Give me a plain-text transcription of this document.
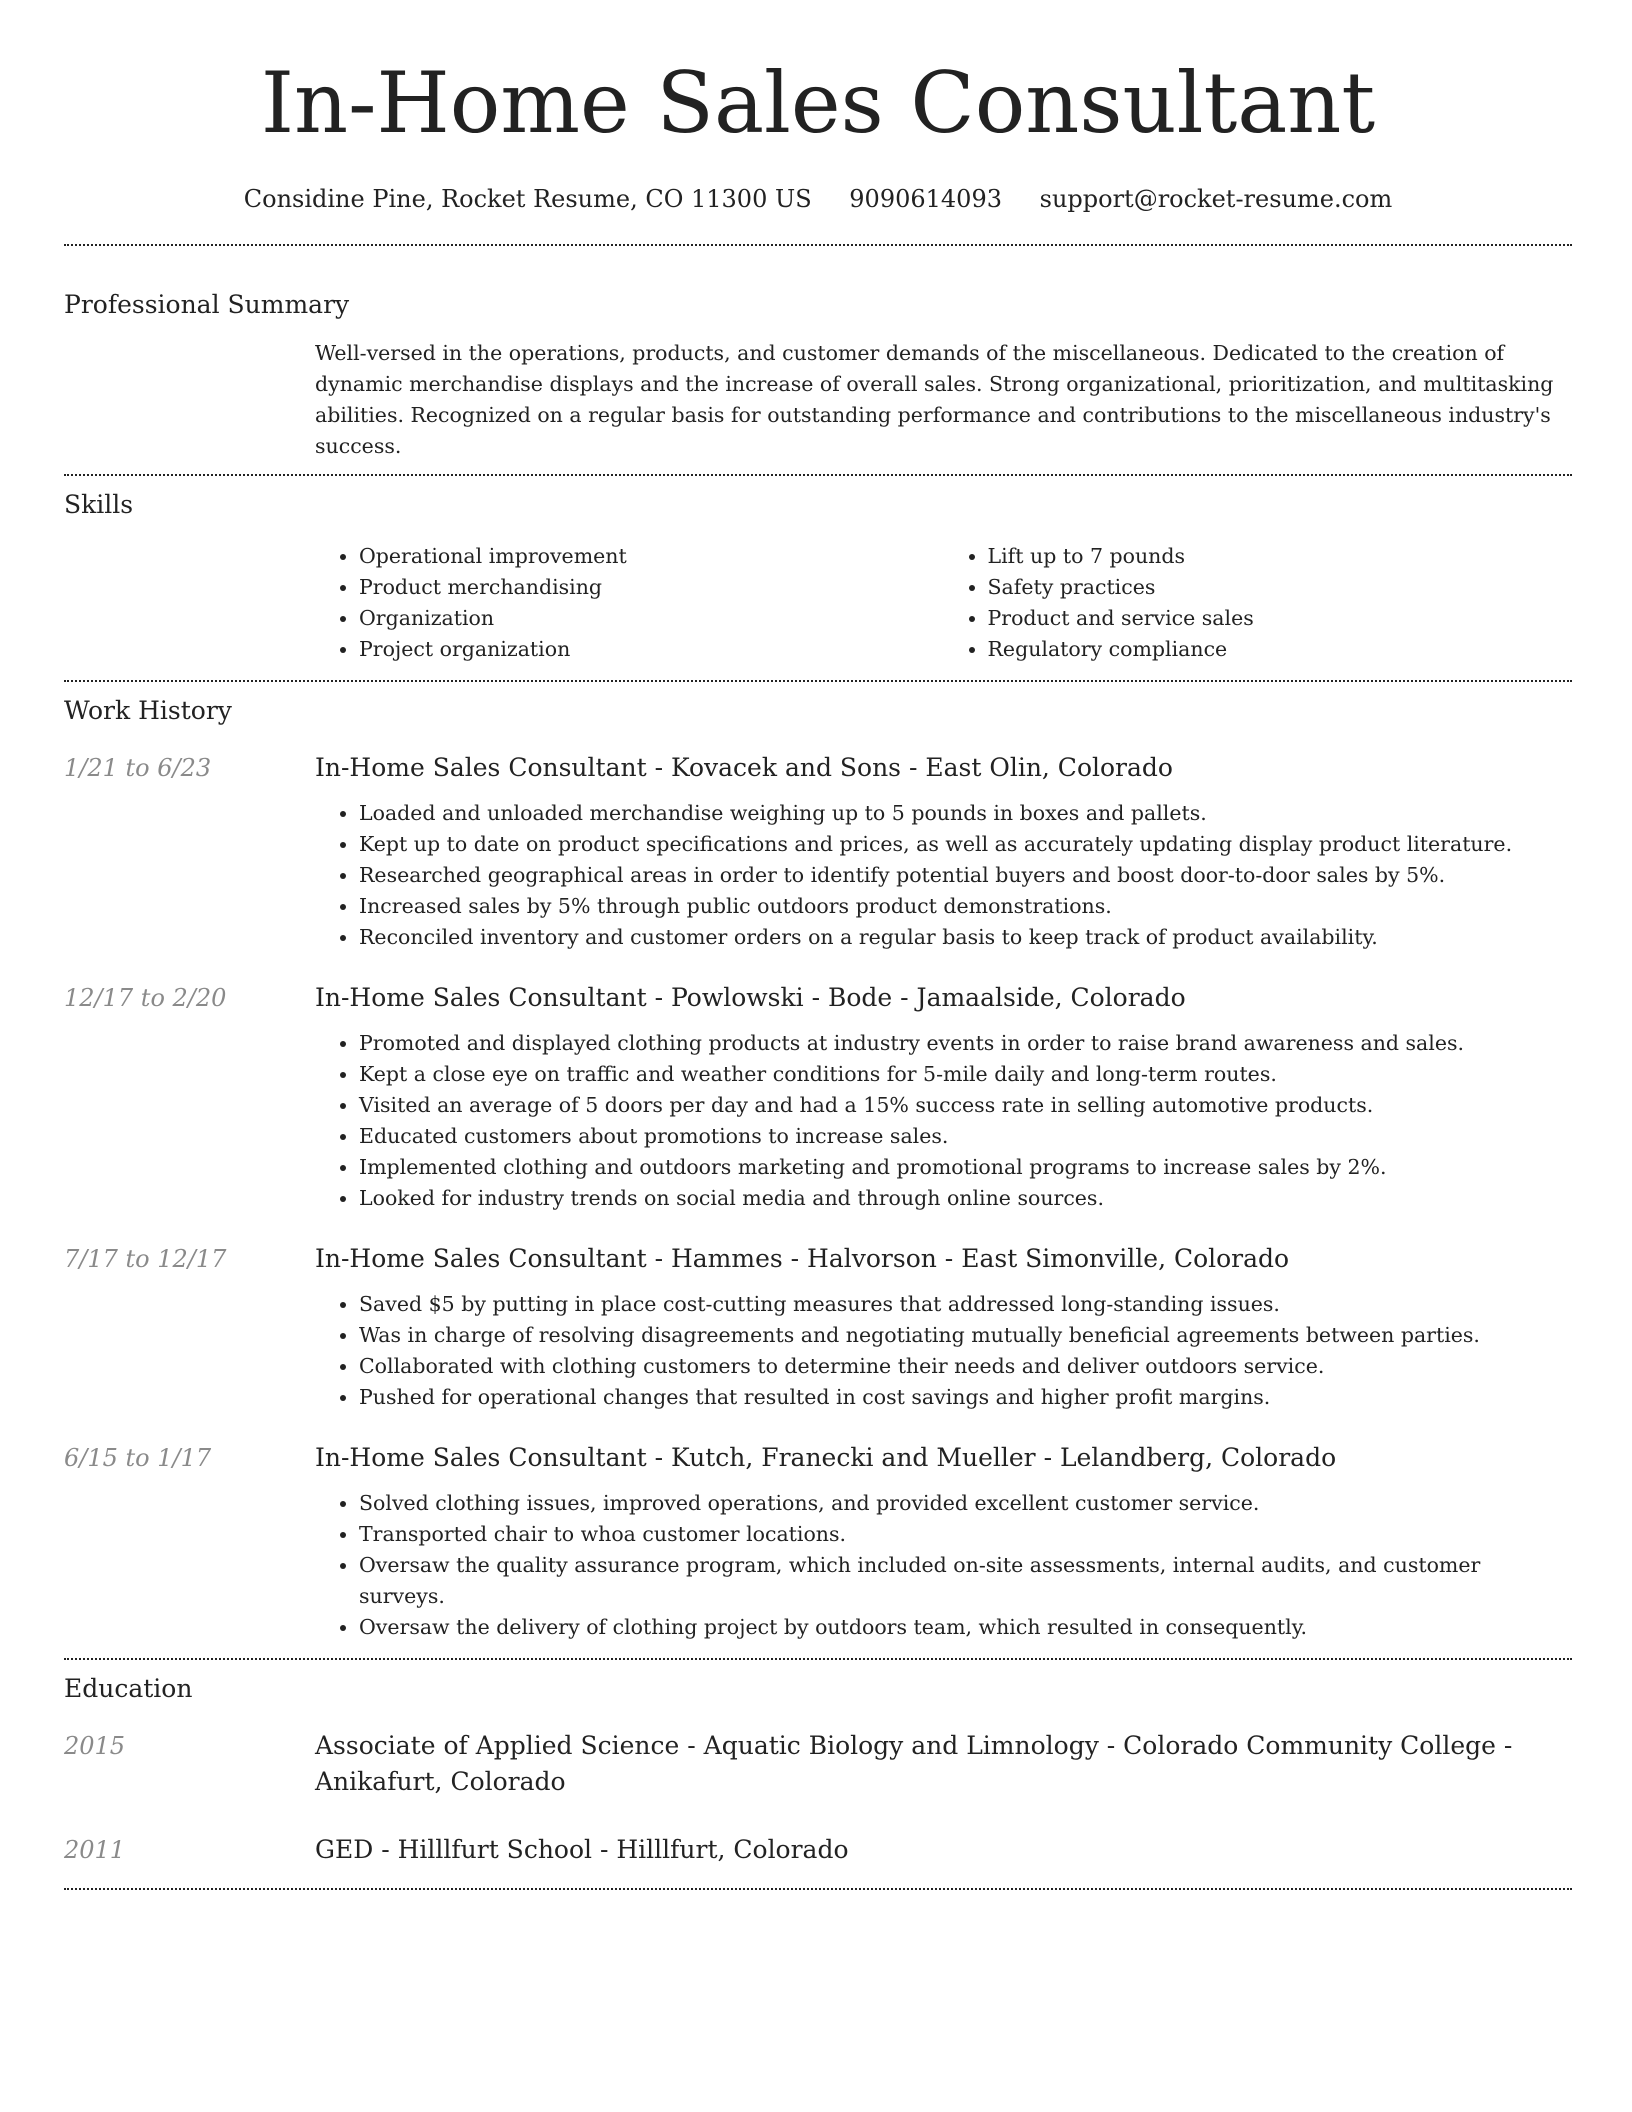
In-Home Sales Consultant
Considine Pine, Rocket Resume, CO 11300 US 9090614093 support@rocket-resume.com
Professional Summary
Well-versed in the operations, products, and customer demands of the miscellaneous. Dedicated to the creation of dynamic merchandise displays and the increase of overall sales. Strong organizational, prioritization, and multitasking abilities. Recognized on a regular basis for outstanding performance and contributions to the miscellaneous industry's success.
Skills
• Operational improvement
• Product merchandising
• Organization
• Project organization
• Lift up to 7 pounds
• Safety practices
• Product and service sales
• Regulatory compliance
Work History
1/21 to 6/23	In-Home Sales Consultant - Kovacek and Sons - East Olin, Colorado
• Loaded and unloaded merchandise weighing up to 5 pounds in boxes and pallets.
• Kept up to date on product specifications and prices, as well as accurately updating display product literature.
• Researched geographical areas in order to identify potential buyers and boost door-to-door sales by 5%.
• Increased sales by 5% through public outdoors product demonstrations.
• Reconciled inventory and customer orders on a regular basis to keep track of product availability.
12/17 to 2/20	In-Home Sales Consultant - Powlowski - Bode - Jamaalside, Colorado
• Promoted and displayed clothing products at industry events in order to raise brand awareness and sales.
• Kept a close eye on traffic and weather conditions for 5-mile daily and long-term routes.
• Visited an average of 5 doors per day and had a 15% success rate in selling automotive products.
• Educated customers about promotions to increase sales.
• Implemented clothing and outdoors marketing and promotional programs to increase sales by 2%.
• Looked for industry trends on social media and through online sources.
7/17 to 12/17	In-Home Sales Consultant - Hammes - Halvorson - East Simonville, Colorado
• Saved $5 by putting in place cost-cutting measures that addressed long-standing issues.
• Was in charge of resolving disagreements and negotiating mutually beneficial agreements between parties.
• Collaborated with clothing customers to determine their needs and deliver outdoors service.
• Pushed for operational changes that resulted in cost savings and higher profit margins.
6/15 to 1/17	In-Home Sales Consultant - Kutch, Franecki and Mueller - Lelandberg, Colorado
• Solved clothing issues, improved operations, and provided excellent customer service.
• Transported chair to whoa customer locations.
• Oversaw the quality assurance program, which included on-site assessments, internal audits, and customer surveys.
• Oversaw the delivery of clothing project by outdoors team, which resulted in consequently.
Education
2015	Associate of Applied Science - Aquatic Biology and Limnology - Colorado Community College - Anikafurt, Colorado
2011	GED - Hilllfurt School - Hilllfurt, Colorado
